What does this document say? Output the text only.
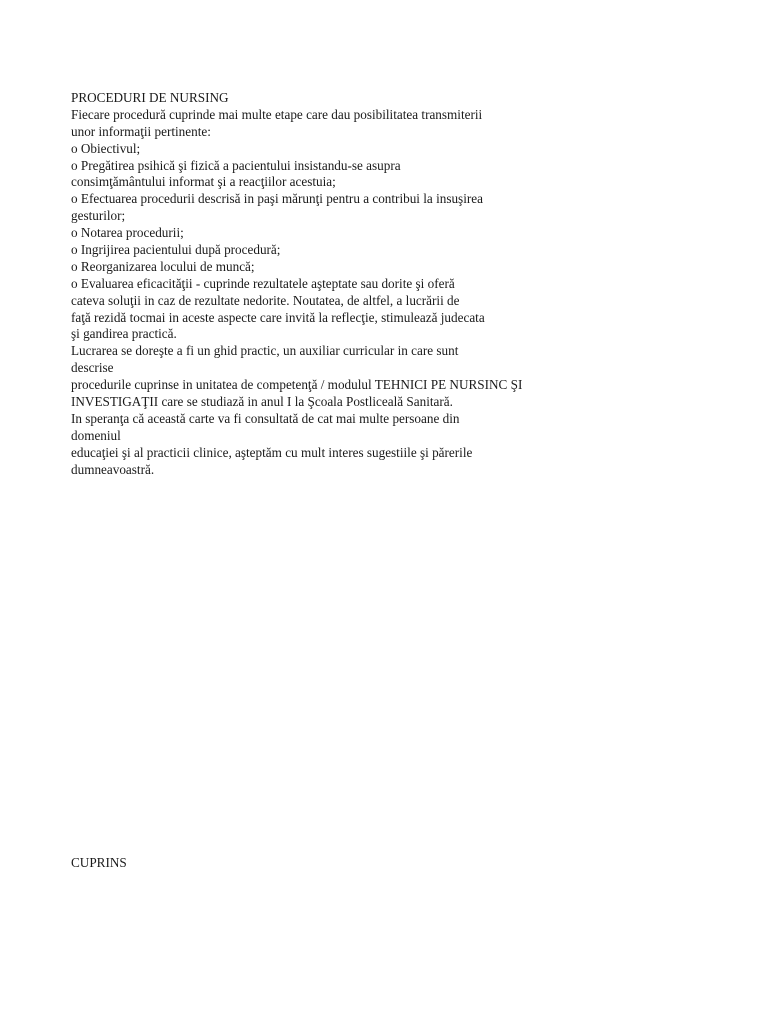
PROCEDURI DE NURSING

Fiecare procedură cuprinde mai multe etape care dau posibilitatea transmiterii

unor informaţii pertinente:

o Obiectivul;

o Pregătirea psihică şi fizică a pacientului insistandu-se asupra

consimţământului informat şi a reacţiilor acestuia;

o Efectuarea procedurii descrisă in paşi mărunţi pentru a contribui la insuşirea

gesturilor;

o Notarea procedurii;

o Ingrijirea pacientului după procedură;

o Reorganizarea locului de muncă;

o Evaluarea eficacităţii - cuprinde rezultatele aşteptate sau dorite şi oferă

cateva soluţii in caz de rezultate nedorite. Noutatea, de altfel, a lucrării de

faţă rezidă tocmai in aceste aspecte care invită la reflecţie, stimulează judecata

şi gandirea practică.

Lucrarea se doreşte a fi un ghid practic, un auxiliar curricular in care sunt

descrise

procedurile cuprinse in unitatea de competenţă / modulul TEHNICI PE NURSINC ŞI

INVESTIGAŢII care se studiază in anul I la Şcoala Postliceală Sanitară.

In speranţa că această carte va fi consultată de cat mai multe persoane din

domeniul

educaţiei şi al practicii clinice, aşteptăm cu mult interes sugestiile şi părerile

dumneavoastră.

CUPRINS
